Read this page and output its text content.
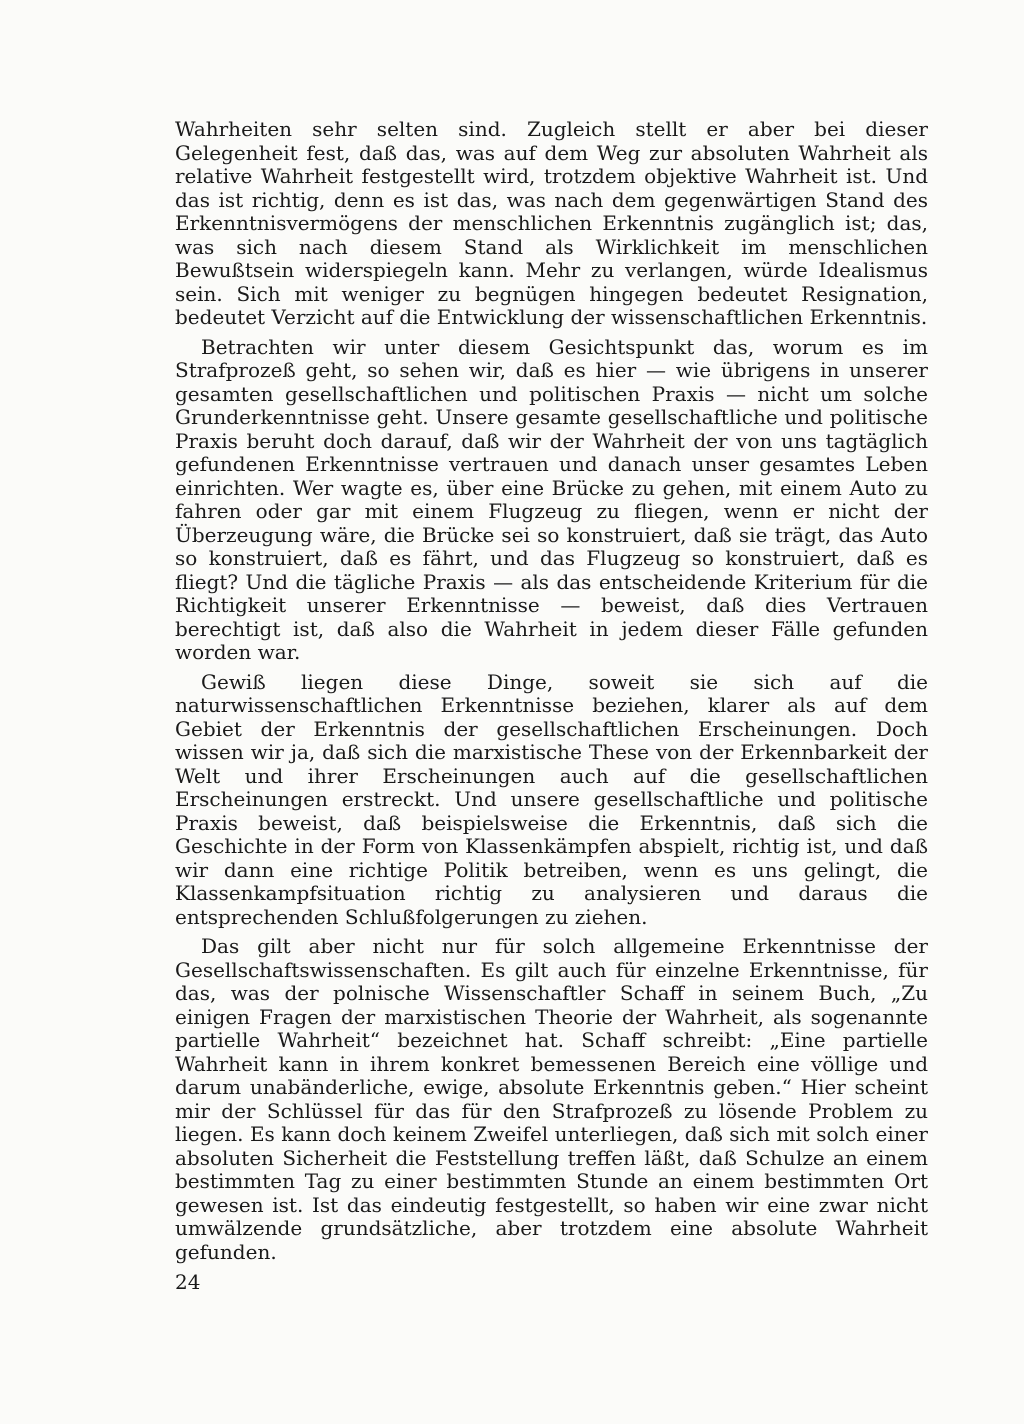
Wahrheiten sehr selten sind. Zugleich stellt er aber bei dieser Gelegenheit fest, daß das, was auf dem Weg zur absoluten Wahrheit als relative Wahrheit festgestellt wird, trotzdem objektive Wahrheit ist. Und das ist richtig, denn es ist das, was nach dem gegenwärtigen Stand des Erkenntnisvermögens der menschlichen Erkenntnis zugänglich ist; das, was sich nach diesem Stand als Wirklichkeit im menschlichen Bewußtsein widerspiegeln kann. Mehr zu verlangen, würde Idealismus sein. Sich mit weniger zu begnügen hingegen bedeutet Resignation, bedeutet Verzicht auf die Entwicklung der wissenschaftlichen Erkenntnis.

Betrachten wir unter diesem Gesichtspunkt das, worum es im Strafprozeß geht, so sehen wir, daß es hier — wie übrigens in unserer gesamten gesellschaftlichen und politischen Praxis — nicht um solche Grunderkenntnisse geht. Unsere gesamte gesellschaftliche und politische Praxis beruht doch darauf, daß wir der Wahrheit der von uns tagtäglich gefundenen Erkenntnisse vertrauen und danach unser gesamtes Leben einrichten. Wer wagte es, über eine Brücke zu gehen, mit einem Auto zu fahren oder gar mit einem Flugzeug zu fliegen, wenn er nicht der Überzeugung wäre, die Brücke sei so konstruiert, daß sie trägt, das Auto so konstruiert, daß es fährt, und das Flugzeug so konstruiert, daß es fliegt? Und die tägliche Praxis — als das entscheidende Kriterium für die Richtigkeit unserer Erkenntnisse — beweist, daß dies Vertrauen berechtigt ist, daß also die Wahrheit in jedem dieser Fälle gefunden worden war.

Gewiß liegen diese Dinge, soweit sie sich auf die naturwissenschaftlichen Erkenntnisse beziehen, klarer als auf dem Gebiet der Erkenntnis der gesellschaftlichen Erscheinungen. Doch wissen wir ja, daß sich die marxistische These von der Erkennbarkeit der Welt und ihrer Erscheinungen auch auf die gesellschaftlichen Erscheinungen erstreckt. Und unsere gesellschaftliche und politische Praxis beweist, daß beispielsweise die Erkenntnis, daß sich die Geschichte in der Form von Klassenkämpfen abspielt, richtig ist, und daß wir dann eine richtige Politik betreiben, wenn es uns gelingt, die Klassenkampfsituation richtig zu analysieren und daraus die entsprechenden Schlußfolgerungen zu ziehen.

Das gilt aber nicht nur für solch allgemeine Erkenntnisse der Gesellschaftswissenschaften. Es gilt auch für einzelne Erkenntnisse, für das, was der polnische Wissenschaftler Schaff in seinem Buch, „Zu einigen Fragen der marxistischen Theorie der Wahrheit, als sogenannte partielle Wahrheit“ bezeichnet hat. Schaff schreibt: „Eine partielle Wahrheit kann in ihrem konkret bemessenen Bereich eine völlige und darum unabänderliche, ewige, absolute Erkenntnis geben.“ Hier scheint mir der Schlüssel für das für den Strafprozeß zu lösende Problem zu liegen. Es kann doch keinem Zweifel unterliegen, daß sich mit solch einer absoluten Sicherheit die Feststellung treffen läßt, daß Schulze an einem bestimmten Tag zu einer bestimmten Stunde an einem bestimmten Ort gewesen ist. Ist das eindeutig festgestellt, so haben wir eine zwar nicht umwälzende grundsätzliche, aber trotzdem eine absolute Wahrheit gefunden.

24
